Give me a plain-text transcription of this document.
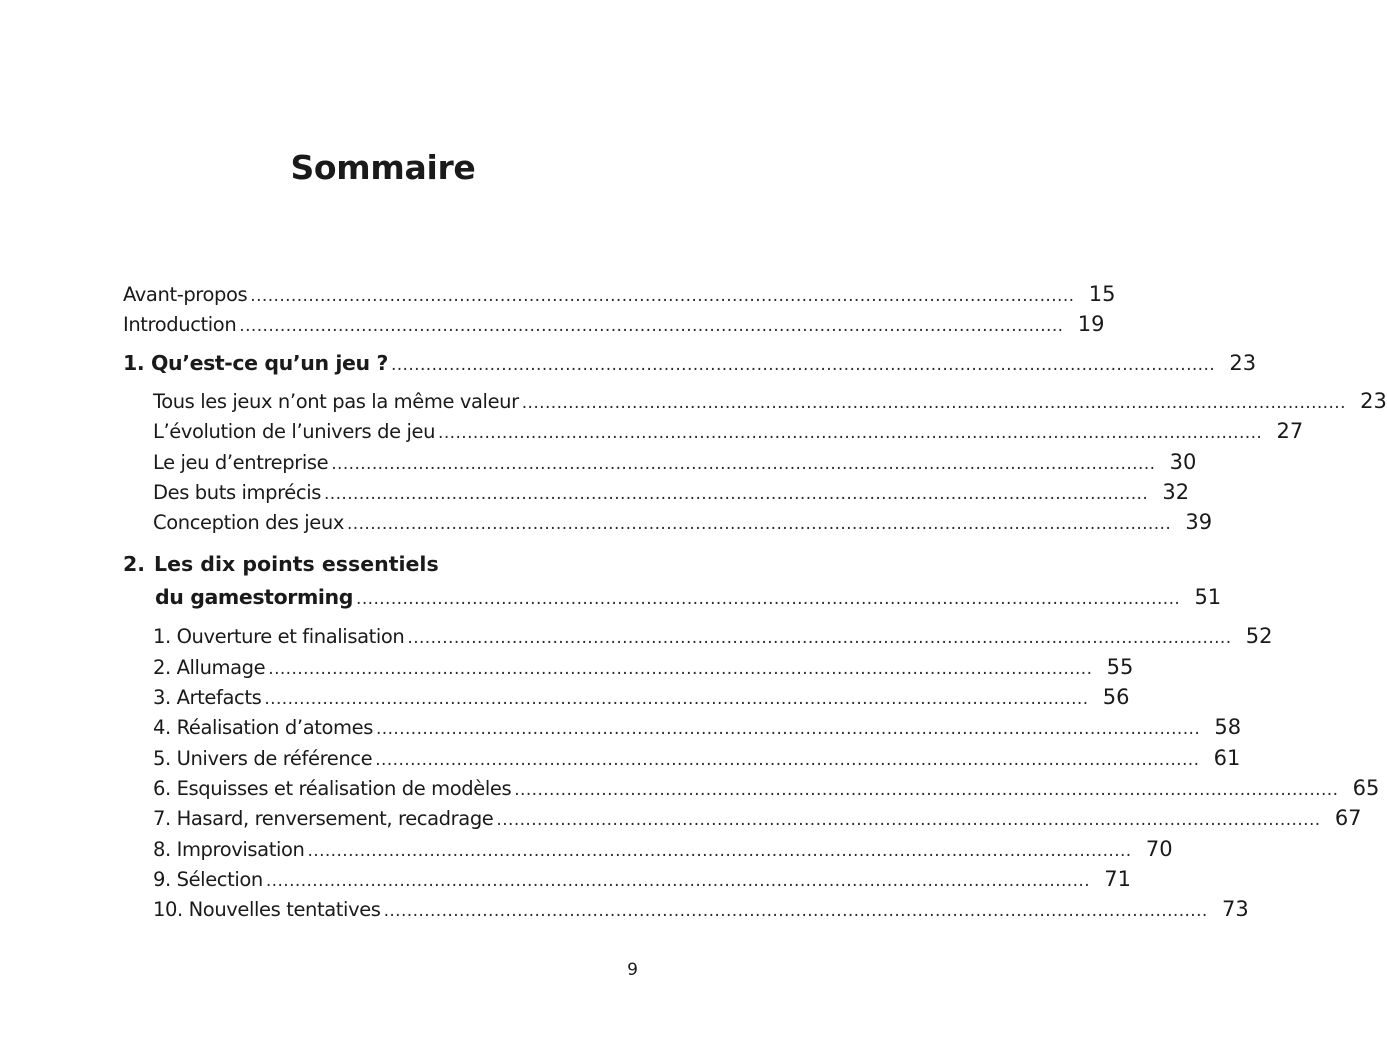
Sommaire
Avant-propos .............................................................................................................................................. 15
Introduction .............................................................................................................................................. 19
1. Qu’est-ce qu’un jeu ? .............................................................................................................................................. 23
Tous les jeux n’ont pas la même valeur .............................................................................................................................................. 23
L’évolution de l’univers de jeu .............................................................................................................................................. 27
Le jeu d’entreprise .............................................................................................................................................. 30
Des buts imprécis .............................................................................................................................................. 32
Conception des jeux .............................................................................................................................................. 39
2. Les dix points essentiels
du gamestorming .............................................................................................................................................. 51
1. Ouverture et finalisation .............................................................................................................................................. 52
2. Allumage .............................................................................................................................................. 55
3. Artefacts .............................................................................................................................................. 56
4. Réalisation d’atomes .............................................................................................................................................. 58
5. Univers de référence .............................................................................................................................................. 61
6. Esquisses et réalisation de modèles .............................................................................................................................................. 65
7. Hasard, renversement, recadrage .............................................................................................................................................. 67
8. Improvisation .............................................................................................................................................. 70
9. Sélection .............................................................................................................................................. 71
10. Nouvelles tentatives .............................................................................................................................................. 73
9
